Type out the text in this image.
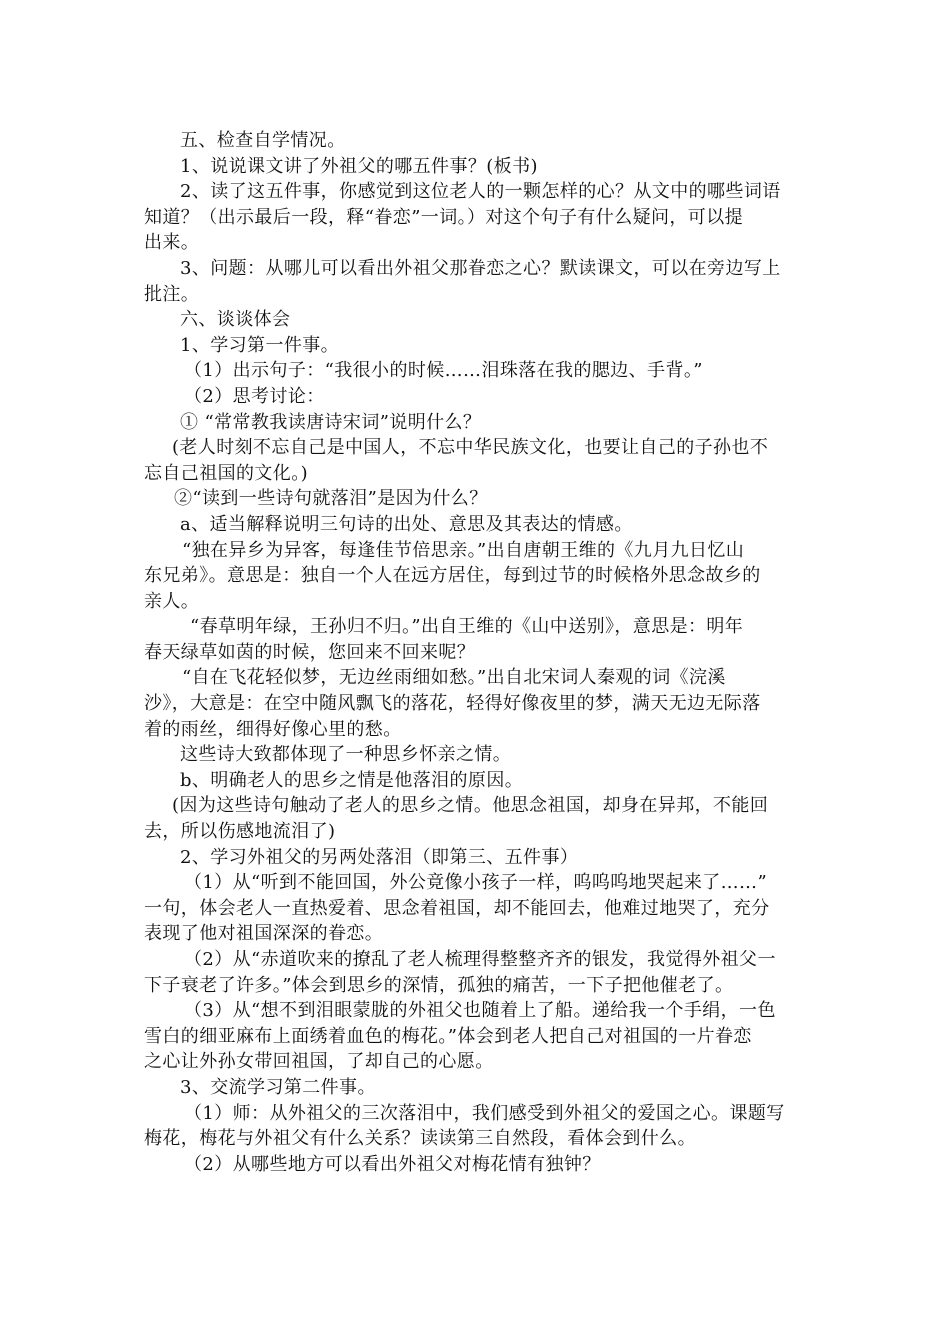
五、检查自学情况。
1、说说课文讲了外祖父的哪五件事？(板书)
2、读了这五件事，你感觉到这位老人的一颗怎样的心？从文中的哪些词语
知道？（出示最后一段，释“眷恋”一词。）对这个句子有什么疑问，可以提
出来。
3、问题：从哪儿可以看出外祖父那眷恋之心？默读课文，可以在旁边写上
批注。
六、谈谈体会
1、学习第一件事。
（1）出示句子：“我很小的时候……泪珠落在我的腮边、手背。”
（2）思考讨论：
① “常常教我读唐诗宋词”说明什么？
(老人时刻不忘自己是中国人，不忘中华民族文化，也要让自己的子孙也不
忘自己祖国的文化。)
②“读到一些诗句就落泪”是因为什么？
a、适当解释说明三句诗的出处、意思及其表达的情感。
“独在异乡为异客，每逢佳节倍思亲。”出自唐朝王维的《九月九日忆山
东兄弟》。意思是：独自一个人在远方居住，每到过节的时候格外思念故乡的
亲人。
“春草明年绿，王孙归不归。”出自王维的《山中送别》，意思是：明年
春天绿草如茵的时候，您回来不回来呢？
“自在飞花轻似梦，无边丝雨细如愁。”出自北宋词人秦观的词《浣溪
沙》，大意是：在空中随风飘飞的落花，轻得好像夜里的梦，满天无边无际落
着的雨丝，细得好像心里的愁。
这些诗大致都体现了一种思乡怀亲之情。
b、明确老人的思乡之情是他落泪的原因。
(因为这些诗句触动了老人的思乡之情。他思念祖国，却身在异邦，不能回
去，所以伤感地流泪了)
2、学习外祖父的另两处落泪（即第三、五件事）
（1）从“听到不能回国，外公竟像小孩子一样，呜呜呜地哭起来了……”
一句，体会老人一直热爱着、思念着祖国，却不能回去，他难过地哭了，充分
表现了他对祖国深深的眷恋。
（2）从“赤道吹来的撩乱了老人梳理得整整齐齐的银发，我觉得外祖父一
下子衰老了许多。”体会到思乡的深情，孤独的痛苦，一下子把他催老了。
（3）从“想不到泪眼蒙胧的外祖父也随着上了船。递给我一个手绢，一色
雪白的细亚麻布上面绣着血色的梅花。”体会到老人把自己对祖国的一片眷恋
之心让外孙女带回祖国，了却自己的心愿。
3、交流学习第二件事。
（1）师：从外祖父的三次落泪中，我们感受到外祖父的爱国之心。课题写
梅花，梅花与外祖父有什么关系？读读第三自然段，看体会到什么。
（2）从哪些地方可以看出外祖父对梅花情有独钟？
